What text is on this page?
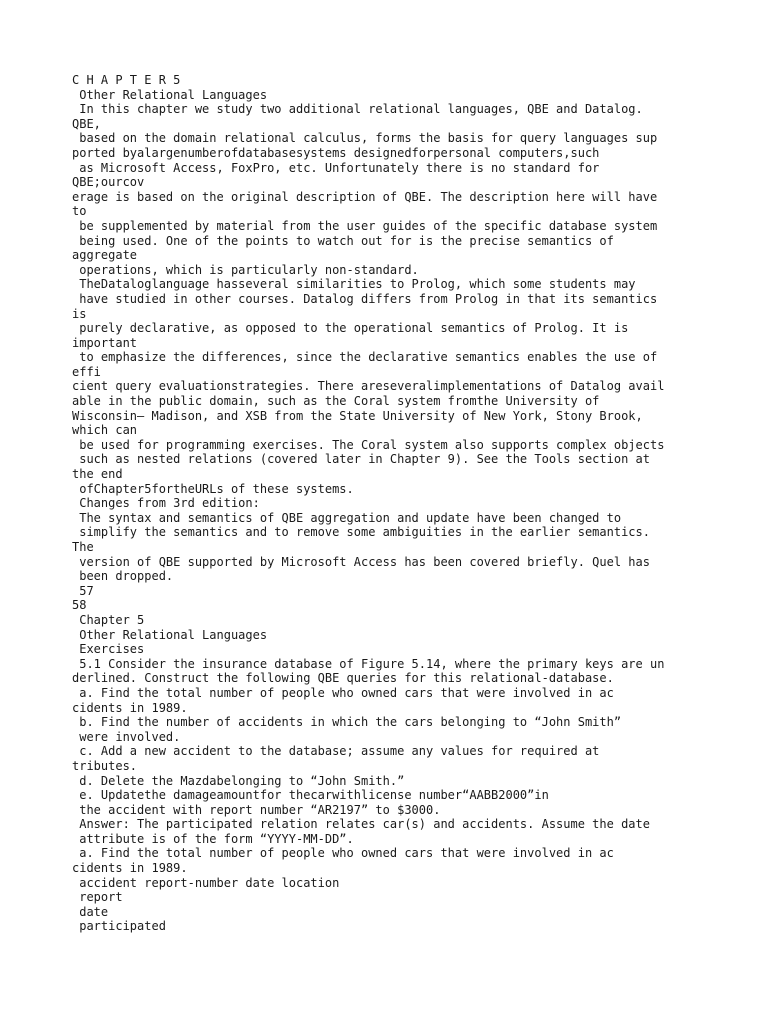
C H A P T E R 5
Other Relational Languages
In this chapter we study two additional relational languages, QBE and Datalog.
QBE,
based on the domain relational calculus, forms the basis for query languages sup
ported byalargenumberofdatabasesystems designedforpersonal computers,such
as Microsoft Access, FoxPro, etc. Unfortunately there is no standard for
QBE;ourcov
erage is based on the original description of QBE. The description here will have
to
be supplemented by material from the user guides of the specific database system
being used. One of the points to watch out for is the precise semantics of
aggregate
operations, which is particularly non-standard.
TheDataloglanguage hasseveral similarities to Prolog, which some students may
have studied in other courses. Datalog differs from Prolog in that its semantics
is
purely declarative, as opposed to the operational semantics of Prolog. It is
important
to emphasize the differences, since the declarative semantics enables the use of
effi
cient query evaluationstrategies. There areseveralimplementations of Datalog avail
able in the public domain, such as the Coral system fromthe University of
Wisconsin– Madison, and XSB from the State University of New York, Stony Brook,
which can
be used for programming exercises. The Coral system also supports complex objects
such as nested relations (covered later in Chapter 9). See the Tools section at
the end
ofChapter5fortheURLs of these systems.
Changes from 3rd edition:
The syntax and semantics of QBE aggregation and update have been changed to
simplify the semantics and to remove some ambiguities in the earlier semantics.
The
version of QBE supported by Microsoft Access has been covered briefly. Quel has
been dropped.
57
58
Chapter 5
Other Relational Languages
Exercises
5.1 Consider the insurance database of Figure 5.14, where the primary keys are un
derlined. Construct the following QBE queries for this relational-database.
a. Find the total number of people who owned cars that were involved in ac
cidents in 1989.
b. Find the number of accidents in which the cars belonging to “John Smith”
were involved.
c. Add a new accident to the database; assume any values for required at
tributes.
d. Delete the Mazdabelonging to “John Smith.”
e. Updatethe damageamountfor thecarwithlicense number“AABB2000”in
the accident with report number “AR2197” to $3000.
Answer: The participated relation relates car(s) and accidents. Assume the date
attribute is of the form “YYYY-MM-DD”.
a. Find the total number of people who owned cars that were involved in ac
cidents in 1989.
accident report-number date location
report
date
participated
